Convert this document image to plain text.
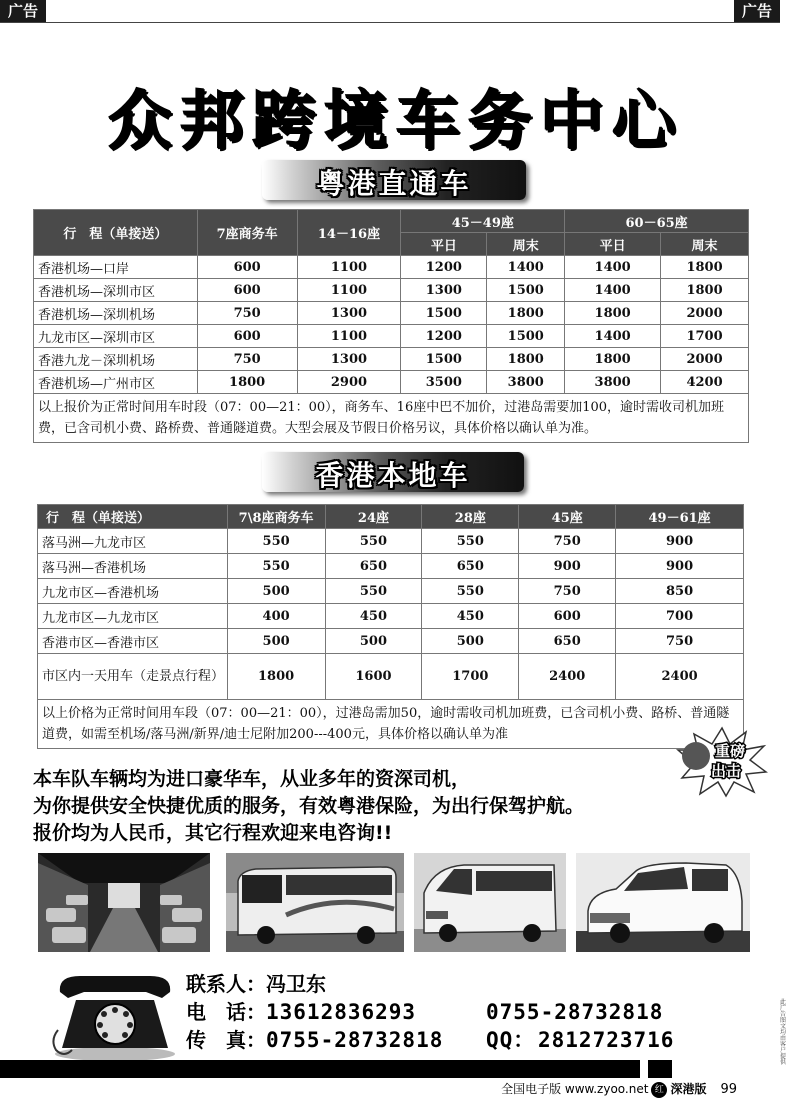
广告	广告
此广告图文均由客户提供
众邦跨境车务中心
粤港直通车
行　程（单接送）	7座商务车	14－16座	45－49座		60－65座	
			平日	周末	平日	周末
香港机场—口岸	600	1100	1200	1400	1400	1800
香港机场—深圳市区	600	1100	1300	1500	1400	1800
香港机场—深圳机场	750	1300	1500	1800	1800	2000
九龙市区—深圳市区	600	1100	1200	1500	1400	1700
香港九龙－深圳机场	750	1300	1500	1800	1800	2000
香港机场—广州市区	1800	2900	3500	3800	3800	4200
以上报价为正常时间用车时段（07：00—21：00），商务车、16座中巴不加价，过港岛需要加100，逾时需收司机加班费，已含司机小费、路桥费、普通隧道费。大型会展及节假日价格另议，具体价格以确认单为准。						
香港本地车
行　程（单接送）	7\8座商务车	24座	28座	45座	49－61座
落马洲—九龙市区	550	550	550	750	900
落马洲—香港机场	550	650	650	900	900
九龙市区—香港机场	500	550	550	750	850
九龙市区—九龙市区	400	450	450	600	700
香港市区—香港市区	500	500	500	650	750
市区内一天用车（走景点行程）	1800	1600	1700	2400	2400
以上价格为正常时间用车段（07：00—21：00），过港岛需加50，逾时需收司机加班费，已含司机小费、路桥、普通隧道费，如需至机场/落马洲/新界/迪士尼附加200---400元，具体价格以确认单为准					
重磅
出击
本车队车辆均为进口豪华车，从业多年的资深司机，
为你提供安全快捷优质的服务，有效粤港保险，为出行保驾护航。
报价均为人民币，其它行程欢迎来电咨询!!
联系人：冯卫东
电　话：13612836293	0755-28732818
传　真：0755-28732818 QQ： 2812723716
全国电子版 www.zyoo.net 红 深港版 99
